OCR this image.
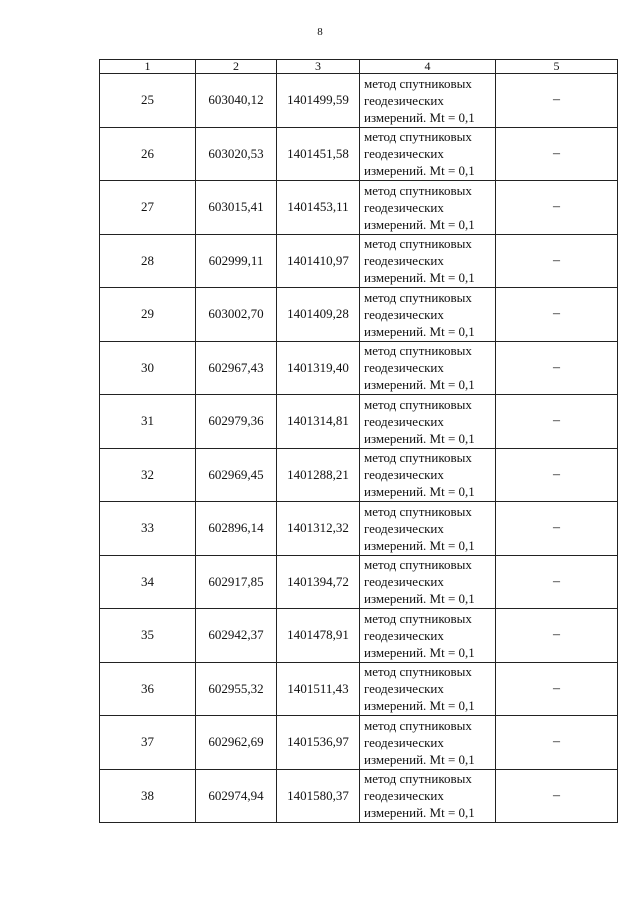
8
1	2	3	4	5
25	603040,12	1401499,59	метод спутниковых
геодезических
измерений. Mt = 0,1	–
26	603020,53	1401451,58	метод спутниковых
геодезических
измерений. Mt = 0,1	–
27	603015,41	1401453,11	метод спутниковых
геодезических
измерений. Mt = 0,1	–
28	602999,11	1401410,97	метод спутниковых
геодезических
измерений. Mt = 0,1	–
29	603002,70	1401409,28	метод спутниковых
геодезических
измерений. Mt = 0,1	–
30	602967,43	1401319,40	метод спутниковых
геодезических
измерений. Mt = 0,1	–
31	602979,36	1401314,81	метод спутниковых
геодезических
измерений. Mt = 0,1	–
32	602969,45	1401288,21	метод спутниковых
геодезических
измерений. Mt = 0,1	–
33	602896,14	1401312,32	метод спутниковых
геодезических
измерений. Mt = 0,1	–
34	602917,85	1401394,72	метод спутниковых
геодезических
измерений. Mt = 0,1	–
35	602942,37	1401478,91	метод спутниковых
геодезических
измерений. Mt = 0,1	–
36	602955,32	1401511,43	метод спутниковых
геодезических
измерений. Mt = 0,1	–
37	602962,69	1401536,97	метод спутниковых
геодезических
измерений. Mt = 0,1	–
38	602974,94	1401580,37	метод спутниковых
геодезических
измерений. Mt = 0,1	–
